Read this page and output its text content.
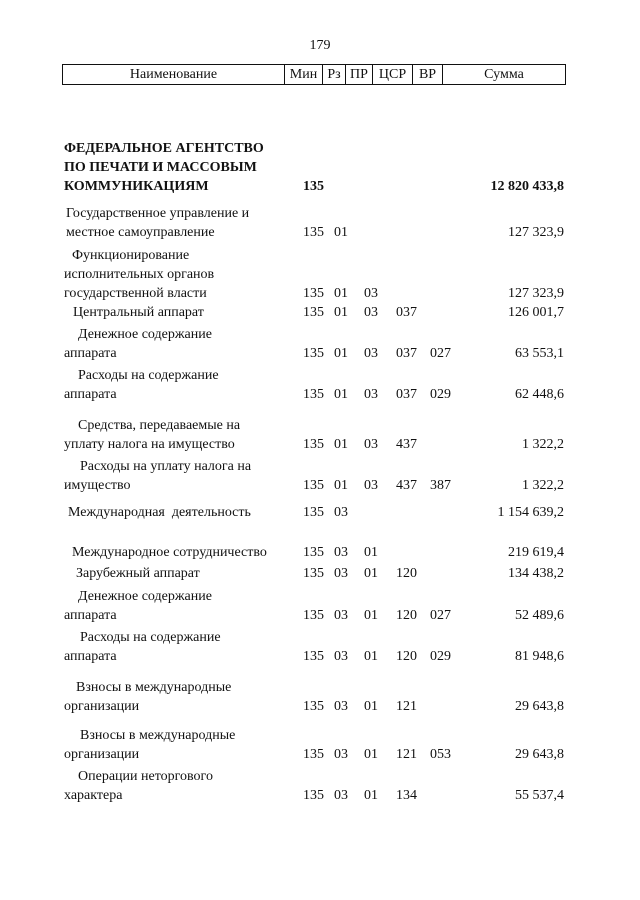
179
Наименование	Мин Рз ПР ЦСР ВР	Сумма
ФЕДЕРАЛЬНОЕ АГЕНТСТВО
ПО ПЕЧАТИ И МАССОВЫМ
КОММУНИКАЦИЯМ	135	12 820 433,8
Государственное управление и
местное самоуправление	135 01	127 323,9
Функционирование
исполнительных органов
государственной власти	135 01 03	127 323,9
Центральный аппарат	135 01 03 037	126 001,7
Денежное содержание
аппарата	135 01 03 037 027	63 553,1
Расходы на содержание
аппарата	135 01 03 037 029	62 448,6
Средства, передаваемые на
уплату налога на имущество	135 01 03 437	1 322,2
Расходы на уплату налога на
имущество	135 01 03 437 387	1 322,2
Международная  деятельность	135 03	1 154 639,2
Международное сотрудничество	135 03 01	219 619,4
Зарубежный аппарат	135 03 01 120	134 438,2
Денежное содержание
аппарата	135 03 01 120 027	52 489,6
Расходы на содержание
аппарата	135 03 01 120 029	81 948,6
Взносы в международные
организации	135 03 01 121	29 643,8
Взносы в международные
организации	135 03 01 121 053	29 643,8
Операции неторгового
характера	135 03 01 134	55 537,4
